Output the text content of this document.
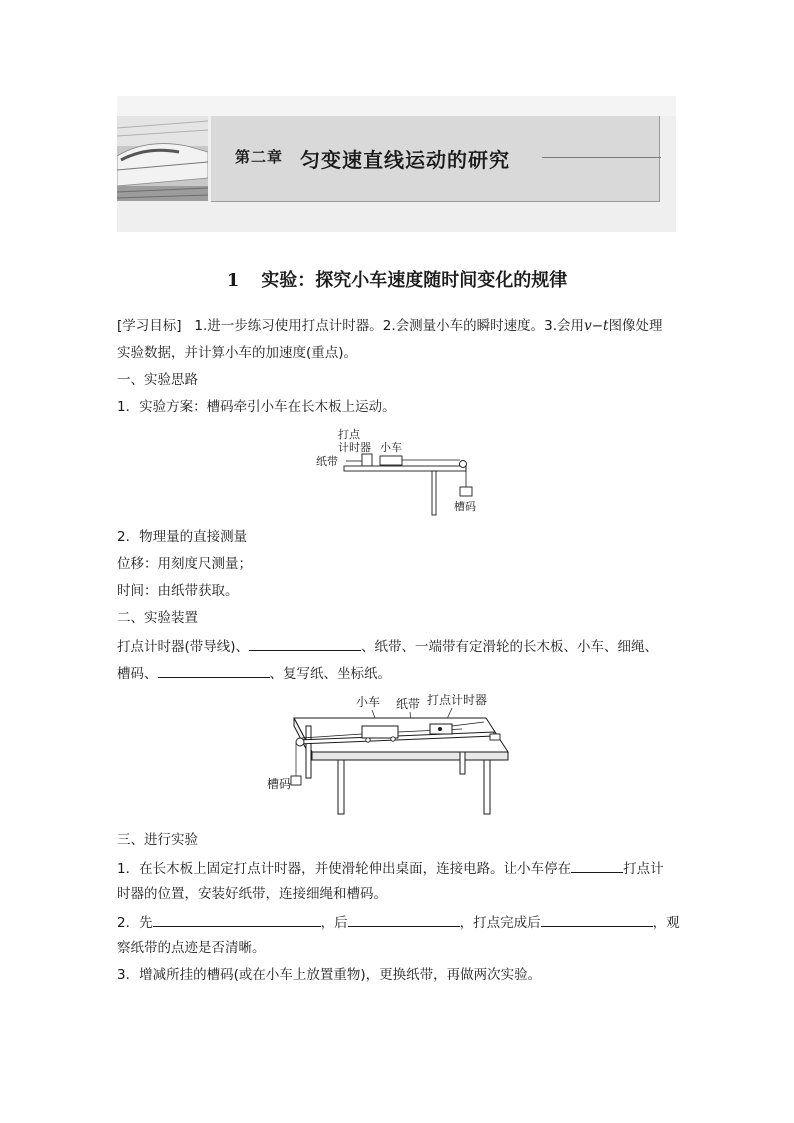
第二章 匀变速直线运动的研究
1 实验：探究小车速度随时间变化的规律
[学习目标] 1.进一步练习使用打点计时器。2.会测量小车的瞬时速度。3.会用v−t图像处理
实验数据，并计算小车的加速度(重点)。
一、实验思路
1．实验方案：槽码牵引小车在长木板上运动。
打点
计时器 小车
纸带
槽码
2．物理量的直接测量
位移：用刻度尺测量；
时间：由纸带获取。
二、实验装置
打点计时器(带导线)、	、纸带、一端带有定滑轮的长木板、小车、细绳、
槽码、	、复写纸、坐标纸。
小车 纸带 打点计时器
槽码
三、进行实验
1．在长木板上固定打点计时器，并使滑轮伸出桌面，连接电路。让小车停在	打点计
时器的位置，安装好纸带，连接细绳和槽码。
2．先	，后	，打点完成后	，观
察纸带的点迹是否清晰。
3．增减所挂的槽码(或在小车上放置重物)，更换纸带，再做两次实验。
